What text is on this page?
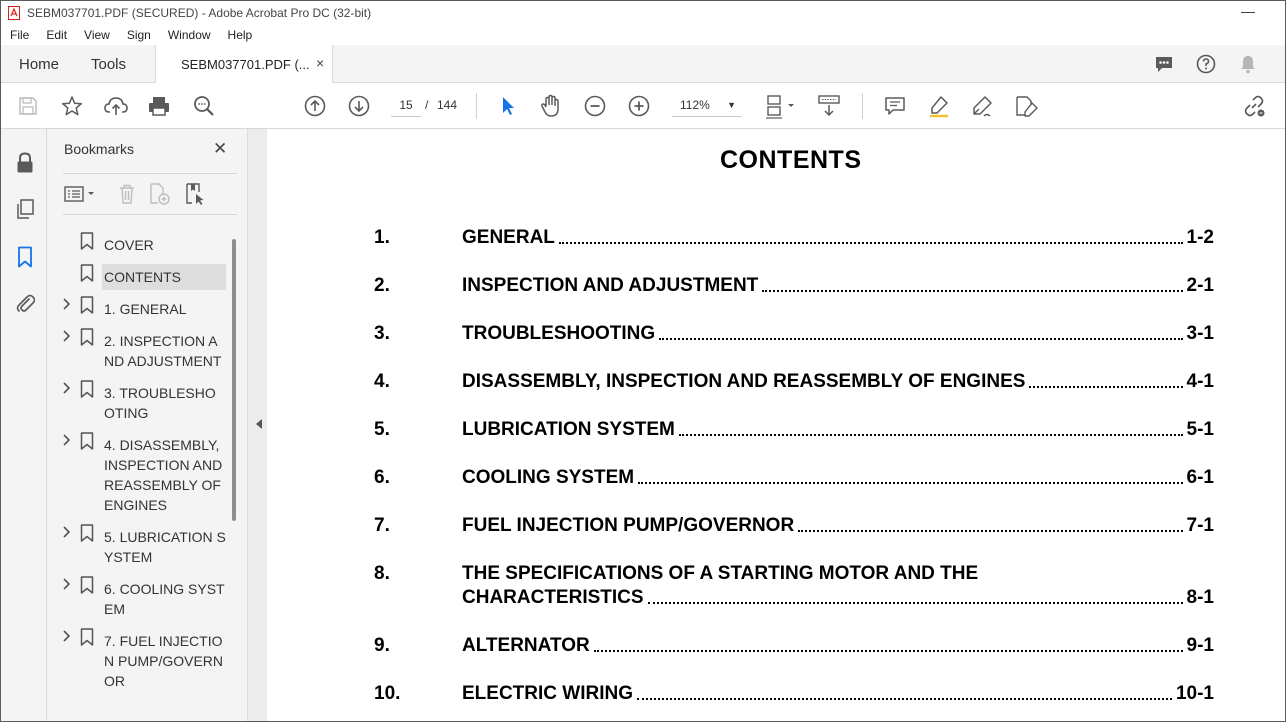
SEBM037701.PDF (SECURED) - Adobe Acrobat Pro DC (32-bit)	—
File	Edit	View	Sign	Window	Help
Home Tools	SEBM037701.PDF (... ×
15	/ 144	112% ▼
Bookmarks	✕
COVER
CONTENTS
1. GENERAL
2. INSPECTION AND ADJUSTMENT
3. TROUBLESHOOTING
4. DISASSEMBLY, INSPECTION AND REASSEMBLY OF ENGINES
5. LUBRICATION SYSTEM
6. COOLING SYSTEM
7. FUEL INJECTION PUMP/GOVERNOR
CONTENTS
1.	GENERAL	1-2
2.	INSPECTION AND ADJUSTMENT	2-1
3.	TROUBLESHOOTING	3-1
4.	DISASSEMBLY, INSPECTION AND REASSEMBLY OF ENGINES	4-1
5.	LUBRICATION SYSTEM	5-1
6.	COOLING SYSTEM	6-1
7.	FUEL INJECTION PUMP/GOVERNOR	7-1
8.	THE SPECIFICATIONS OF A STARTING MOTOR AND THE
CHARACTERISTICS	8-1
9.	ALTERNATOR	9-1
10.	ELECTRIC WIRING	10-1
